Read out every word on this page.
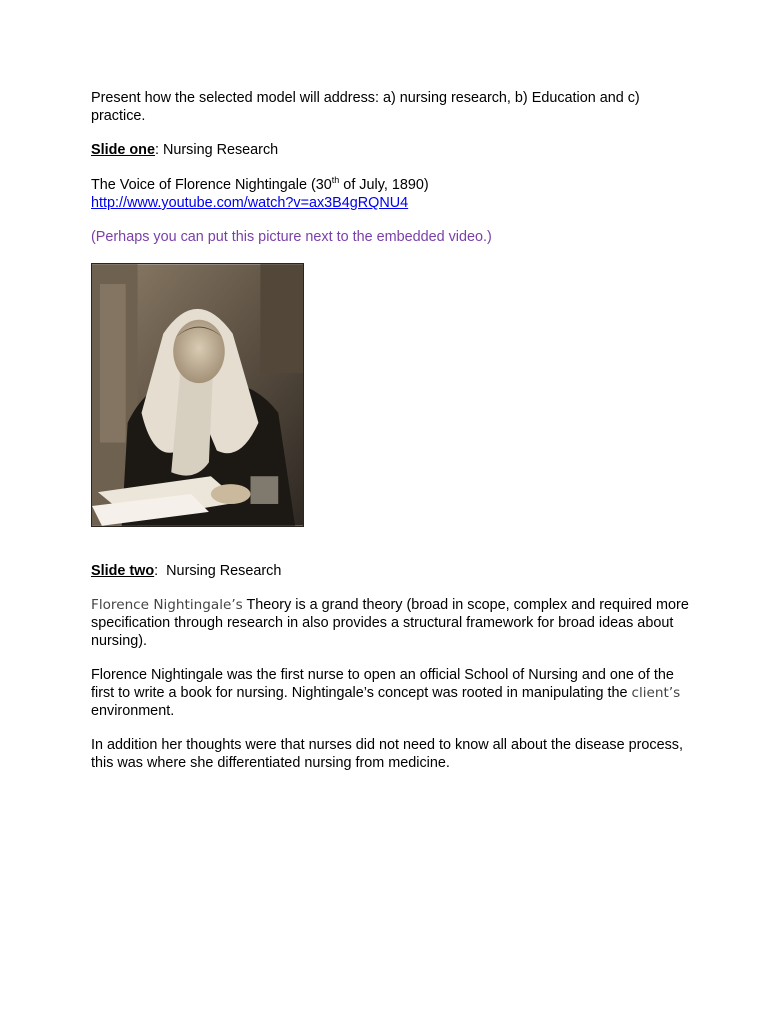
Present how the selected model will address: a) nursing research, b) Education and c) practice.

Slide one: Nursing Research

The Voice of Florence Nightingale (30th of July, 1890)

http://www.youtube.com/watch?v=ax3B4gRQNU4

(Perhaps you can put this picture next to the embedded video.)

Slide two:  Nursing Research

Florence Nightingale’s Theory is a grand theory (broad in scope, complex and required more specification through research in also provides a structural framework for broad ideas about nursing).

Florence Nightingale was the first nurse to open an official School of Nursing and one of the first to write a book for nursing. Nightingale’s concept was rooted in manipulating the client’s environment.

In addition her thoughts were that nurses did not need to know all about the disease process, this was where she differentiated nursing from medicine.
